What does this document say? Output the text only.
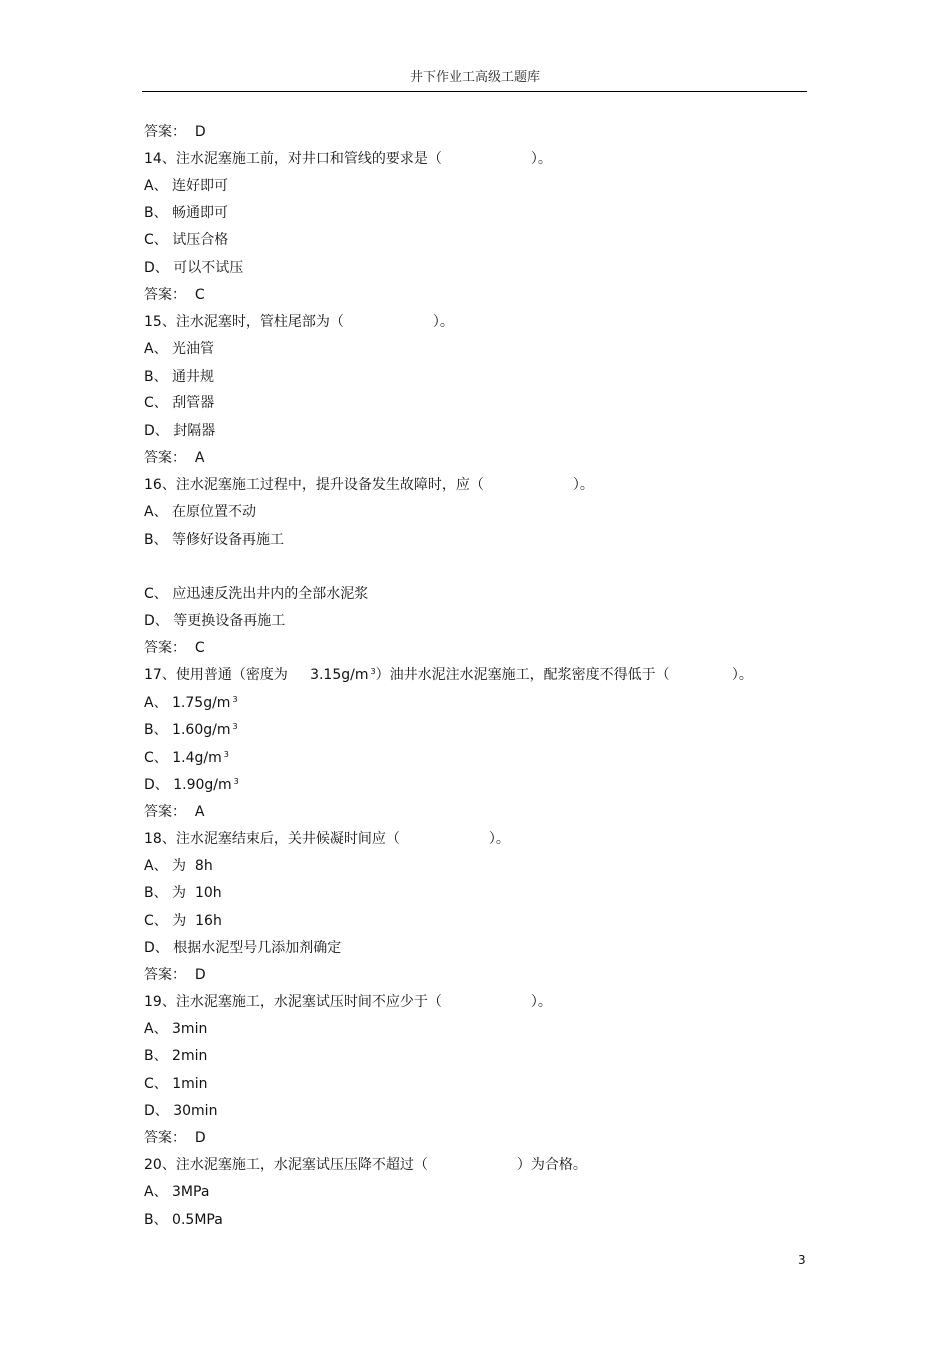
井下作业工高级工题库
答案：  D
14、注水泥塞施工前，对井口和管线的要求是（                    ）。
A、 连好即可
B、 畅通即可
C、 试压合格
D、 可以不试压
答案：  C
15、注水泥塞时，管柱尾部为（                    ）。
A、 光油管
B、 通井规
C、 刮管器
D、 封隔器
答案：  A
16、注水泥塞施工过程中，提升设备发生故障时，应（                    ）。
A、 在原位置不动
B、 等修好设备再施工
C、 应迅速反洗出井内的全部水泥浆
D、 等更换设备再施工
答案：  C
17、使用普通（密度为     3.15g/m $^3$）油井水泥注水泥塞施工，配浆密度不得低于（              ）。
A、 1.75g/m $^3$
B、 1.60g/m $^3$
C、 1.4g/m $^3$
D、 1.90g/m $^3$
答案：  A
18、注水泥塞结束后，关井候凝时间应（                    ）。
A、 为  8h
B、 为  10h
C、 为  16h
D、 根据水泥型号几添加剂确定
答案：  D
19、注水泥塞施工，水泥塞试压时间不应少于（                    ）。
A、 3min
B、 2min
C、 1min
D、 30min
答案：  D
20、注水泥塞施工，水泥塞试压压降不超过（                    ）为合格。
A、 3MPa
B、 0.5MPa
3
